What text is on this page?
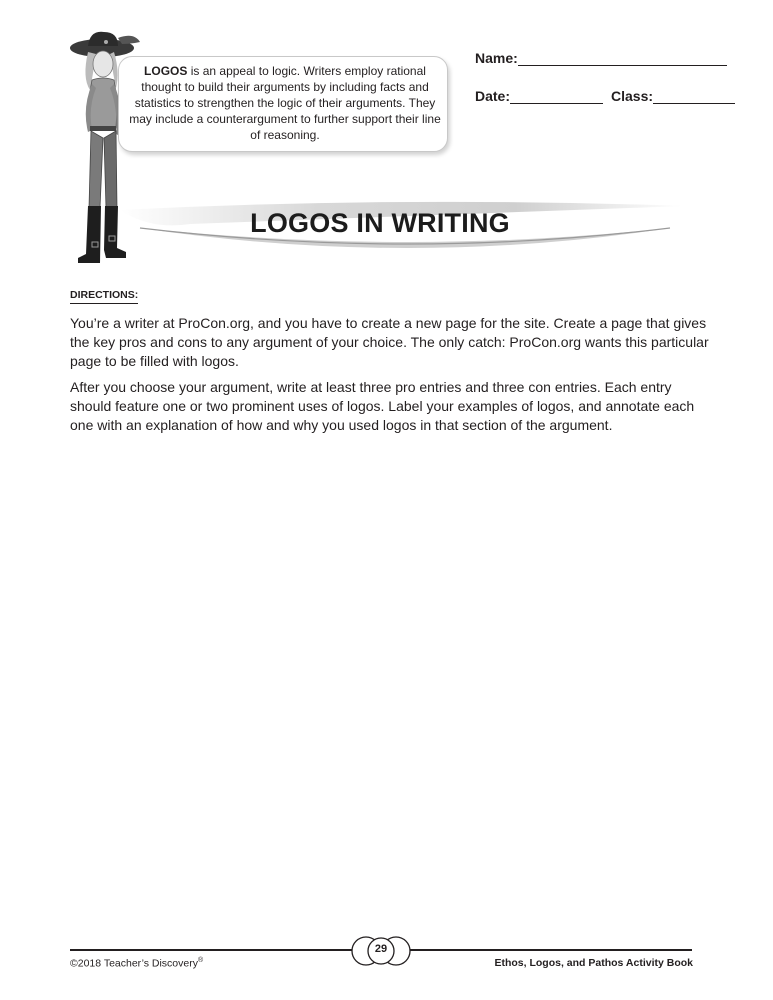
LOGOS is an appeal to logic. Writers employ rational thought to build their arguments by including facts and statistics to strengthen the logic of their arguments. They may include a counterargument to further support their line of reasoning.
Name:
Date:	Class:
LOGOS IN WRITING
DIRECTIONS:
You’re a writer at ProCon.org, and you have to create a new page for the site. Create a page that gives the key pros and cons to any argument of your choice. The only catch: ProCon.org wants this particular page to be filled with logos.
After you choose your argument, write at least three pro entries and three con entries. Each entry should feature one or two prominent uses of logos. Label your examples of logos, and annotate each one with an explanation of how and why you used logos in that section of the argument.
29
©2018 Teacher’s Discovery®	Ethos, Logos, and Pathos Activity Book
